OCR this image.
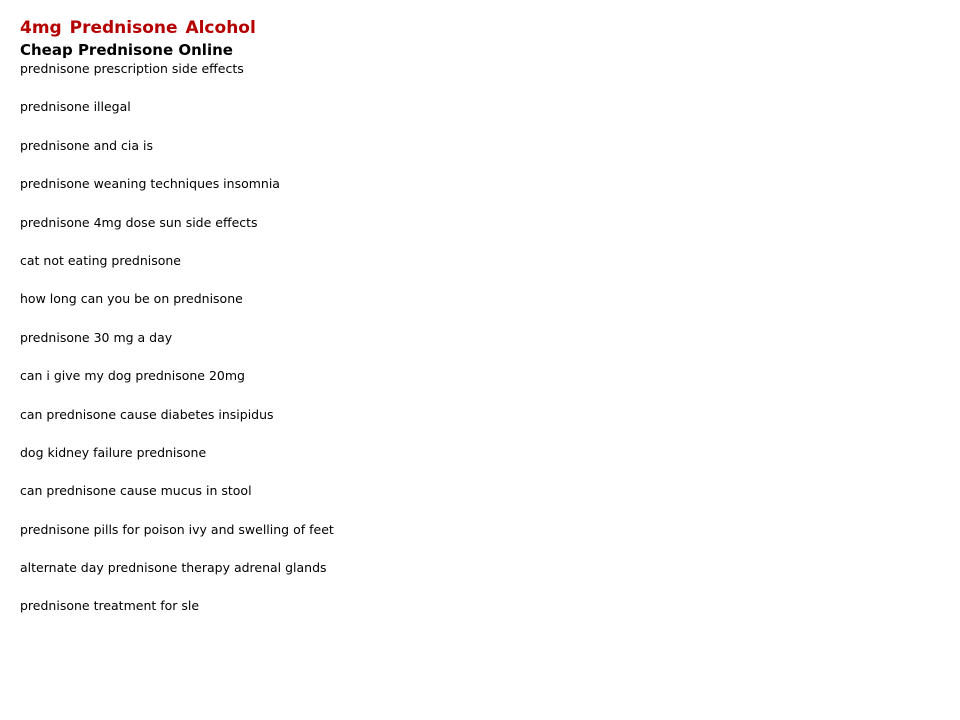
4mg Prednisone Alcohol
Cheap Prednisone Online
prednisone prescription side effects
prednisone illegal
prednisone and cia is
prednisone weaning techniques insomnia
prednisone 4mg dose sun side effects
cat not eating prednisone
how long can you be on prednisone
prednisone 30 mg a day
can i give my dog prednisone 20mg
can prednisone cause diabetes insipidus
dog kidney failure prednisone
can prednisone cause mucus in stool
prednisone pills for poison ivy and swelling of feet
alternate day prednisone therapy adrenal glands
prednisone treatment for sle
